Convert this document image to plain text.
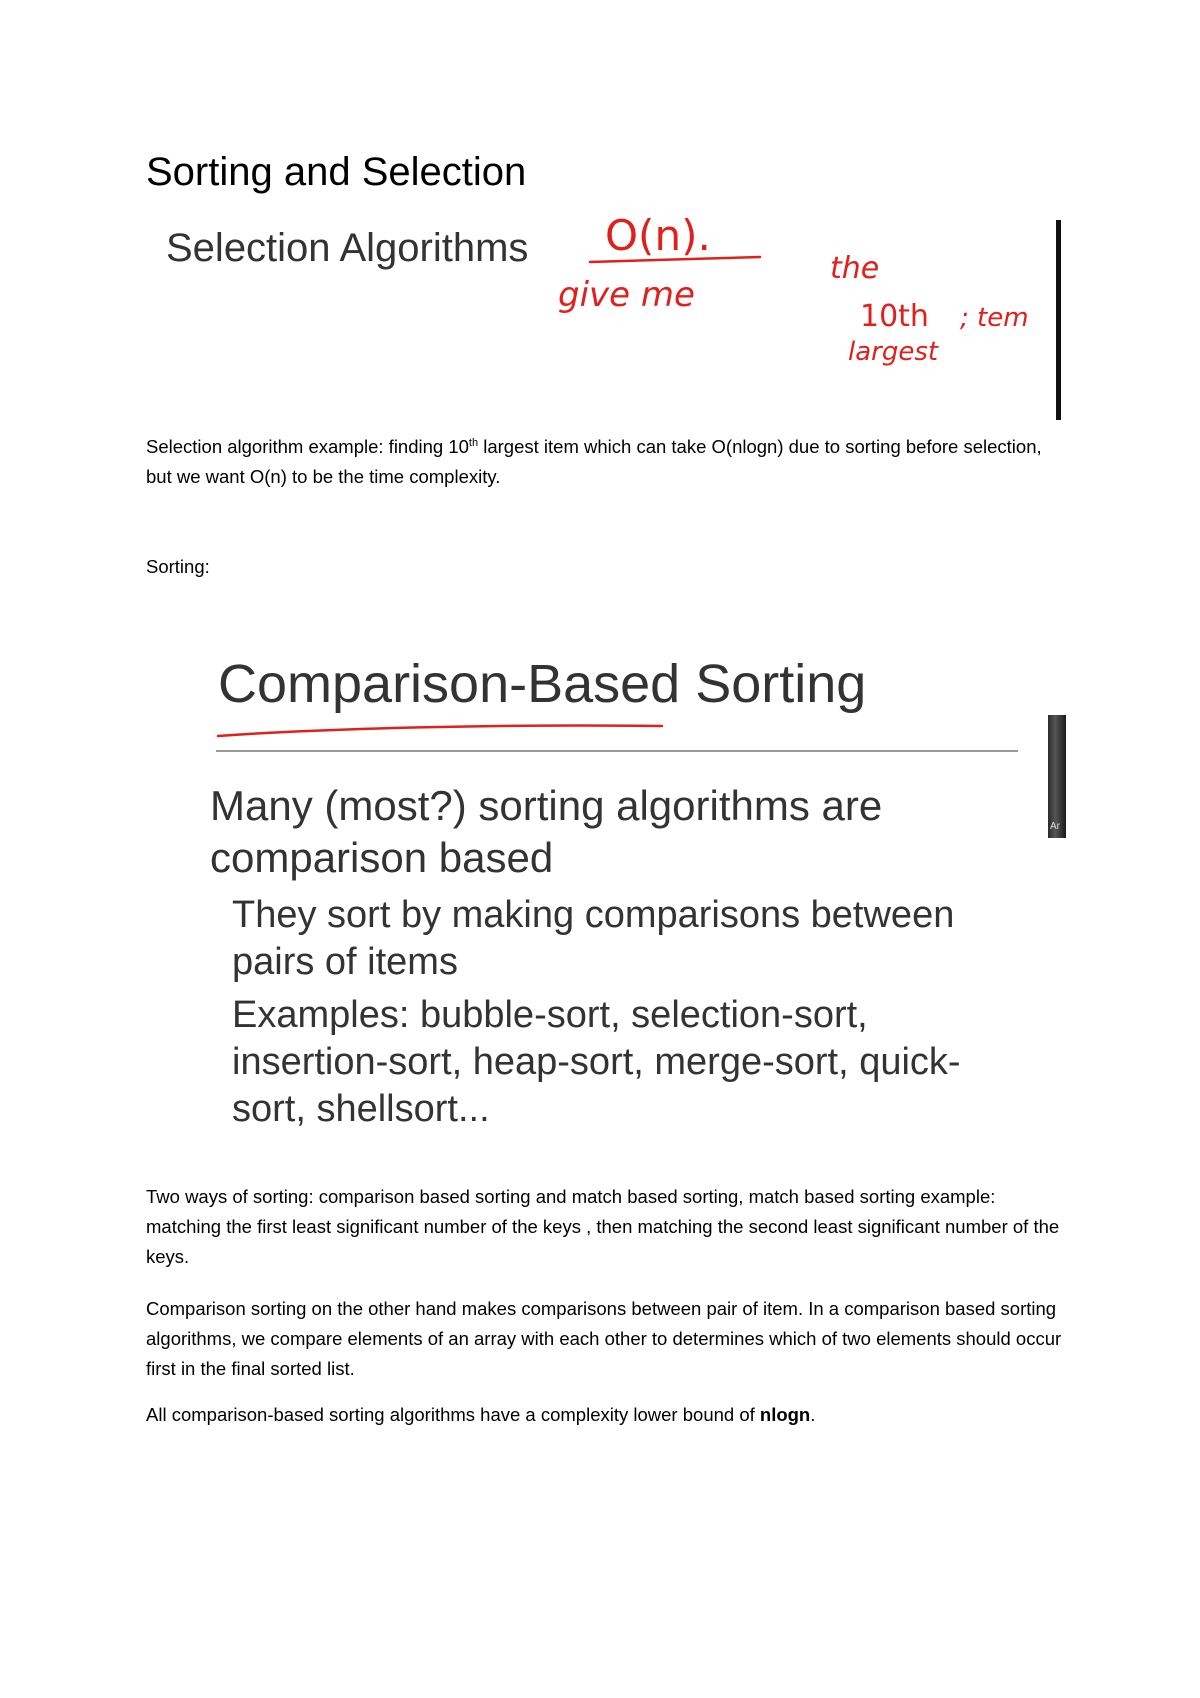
Sorting and Selection
Selection Algorithms O(n).
give me
the
10th ; tem
largest

Selection algorithm example: finding 10th largest item which can take O(nlogn) due to sorting before selection, but we want O(n) to be the time complexity.

Sorting:

Comparison-Based Sorting

Many (most?) sorting algorithms are comparison based

They sort by making comparisons between pairs of items

Examples: bubble-sort, selection-sort, insertion-sort, heap-sort, merge-sort, quick-sort, shellsort...

Ar

Two ways of sorting: comparison based sorting and match based sorting, match based sorting example: matching the first least significant number of the keys , then matching the second least significant number of the keys.

Comparison sorting on the other hand makes comparisons between pair of item. In a comparison based sorting algorithms, we compare elements of an array with each other to determines which of two elements should occur first in the final sorted list.

All comparison-based sorting algorithms have a complexity lower bound of nlogn.
